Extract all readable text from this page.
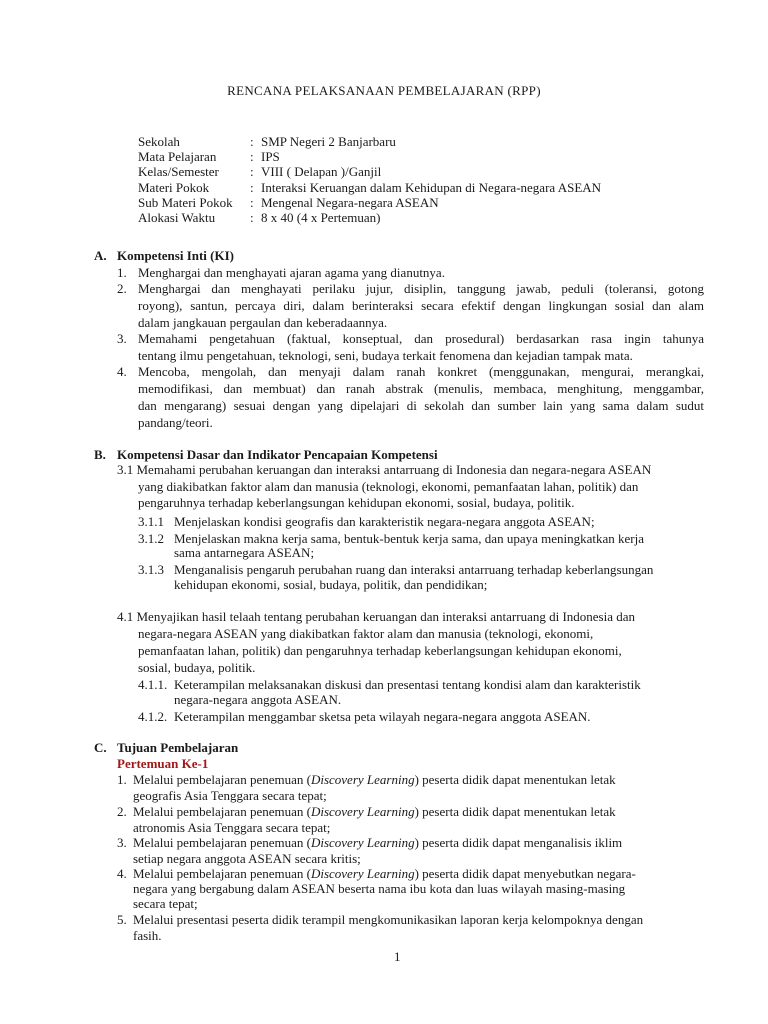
RENCANA PELAKSANAAN PEMBELAJARAN (RPP)
Sekolah	: SMP Negeri 2 Banjarbaru
Mata Pelajaran	: IPS
Kelas/Semester : VIII ( Delapan )/Ganjil
Materi Pokok	: Interaksi Keruangan dalam Kehidupan di Negara-negara ASEAN
Sub Materi Pokok : Mengenal Negara-negara ASEAN
Alokasi Waktu	: 8 x 40 (4 x Pertemuan)
A. Kompetensi Inti (KI)
1. Menghargai dan menghayati ajaran agama yang dianutnya.
2. Menghargai dan menghayati perilaku jujur, disiplin, tanggung jawab, peduli (toleransi, gotong
royong), santun, percaya diri, dalam berinteraksi secara efektif dengan lingkungan sosial dan alam
dalam jangkauan pergaulan dan keberadaannya.
3. Memahami pengetahuan (faktual, konseptual, dan prosedural) berdasarkan rasa ingin tahunya
tentang ilmu pengetahuan, teknologi, seni, budaya terkait fenomena dan kejadian tampak mata.
4. Mencoba, mengolah, dan menyaji dalam ranah konkret (menggunakan, mengurai, merangkai,
memodifikasi, dan membuat) dan ranah abstrak (menulis, membaca, menghitung, menggambar,
dan mengarang) sesuai dengan yang dipelajari di sekolah dan sumber lain yang sama dalam sudut
pandang/teori.
B. Kompetensi Dasar dan Indikator Pencapaian Kompetensi
3.1 Memahami perubahan keruangan dan interaksi antarruang di Indonesia dan negara-negara ASEAN
yang diakibatkan faktor alam dan manusia (teknologi, ekonomi, pemanfaatan lahan, politik) dan
pengaruhnya terhadap keberlangsungan kehidupan ekonomi, sosial, budaya, politik.
3.1.1 Menjelaskan kondisi geografis dan karakteristik negara-negara anggota ASEAN;
3.1.2 Menjelaskan makna kerja sama, bentuk-bentuk kerja sama, dan upaya meningkatkan kerja
sama antarnegara ASEAN;
3.1.3 Menganalisis pengaruh perubahan ruang dan interaksi antarruang terhadap keberlangsungan
kehidupan ekonomi, sosial, budaya, politik, dan pendidikan;
4.1 Menyajikan hasil telaah tentang perubahan keruangan dan interaksi antarruang di Indonesia dan
negara-negara ASEAN yang diakibatkan faktor alam dan manusia (teknologi, ekonomi,
pemanfaatan lahan, politik) dan pengaruhnya terhadap keberlangsungan kehidupan ekonomi,
sosial, budaya, politik.
4.1.1. Keterampilan melaksanakan diskusi dan presentasi tentang kondisi alam dan karakteristik
negara-negara anggota ASEAN.
4.1.2. Keterampilan menggambar sketsa peta wilayah negara-negara anggota ASEAN.
C. Tujuan Pembelajaran
Pertemuan Ke-1
1. Melalui pembelajaran penemuan (Discovery Learning) peserta didik dapat menentukan letak
geografis Asia Tenggara secara tepat;
2. Melalui pembelajaran penemuan (Discovery Learning) peserta didik dapat menentukan letak
atronomis Asia Tenggara secara tepat;
3. Melalui pembelajaran penemuan (Discovery Learning) peserta didik dapat menganalisis iklim
setiap negara anggota ASEAN secara kritis;
4. Melalui pembelajaran penemuan (Discovery Learning) peserta didik dapat menyebutkan negara-
negara yang bergabung dalam ASEAN beserta nama ibu kota dan luas wilayah masing-masing
secara tepat;
5. Melalui presentasi peserta didik terampil mengkomunikasikan laporan kerja kelompoknya dengan
fasih.
1
